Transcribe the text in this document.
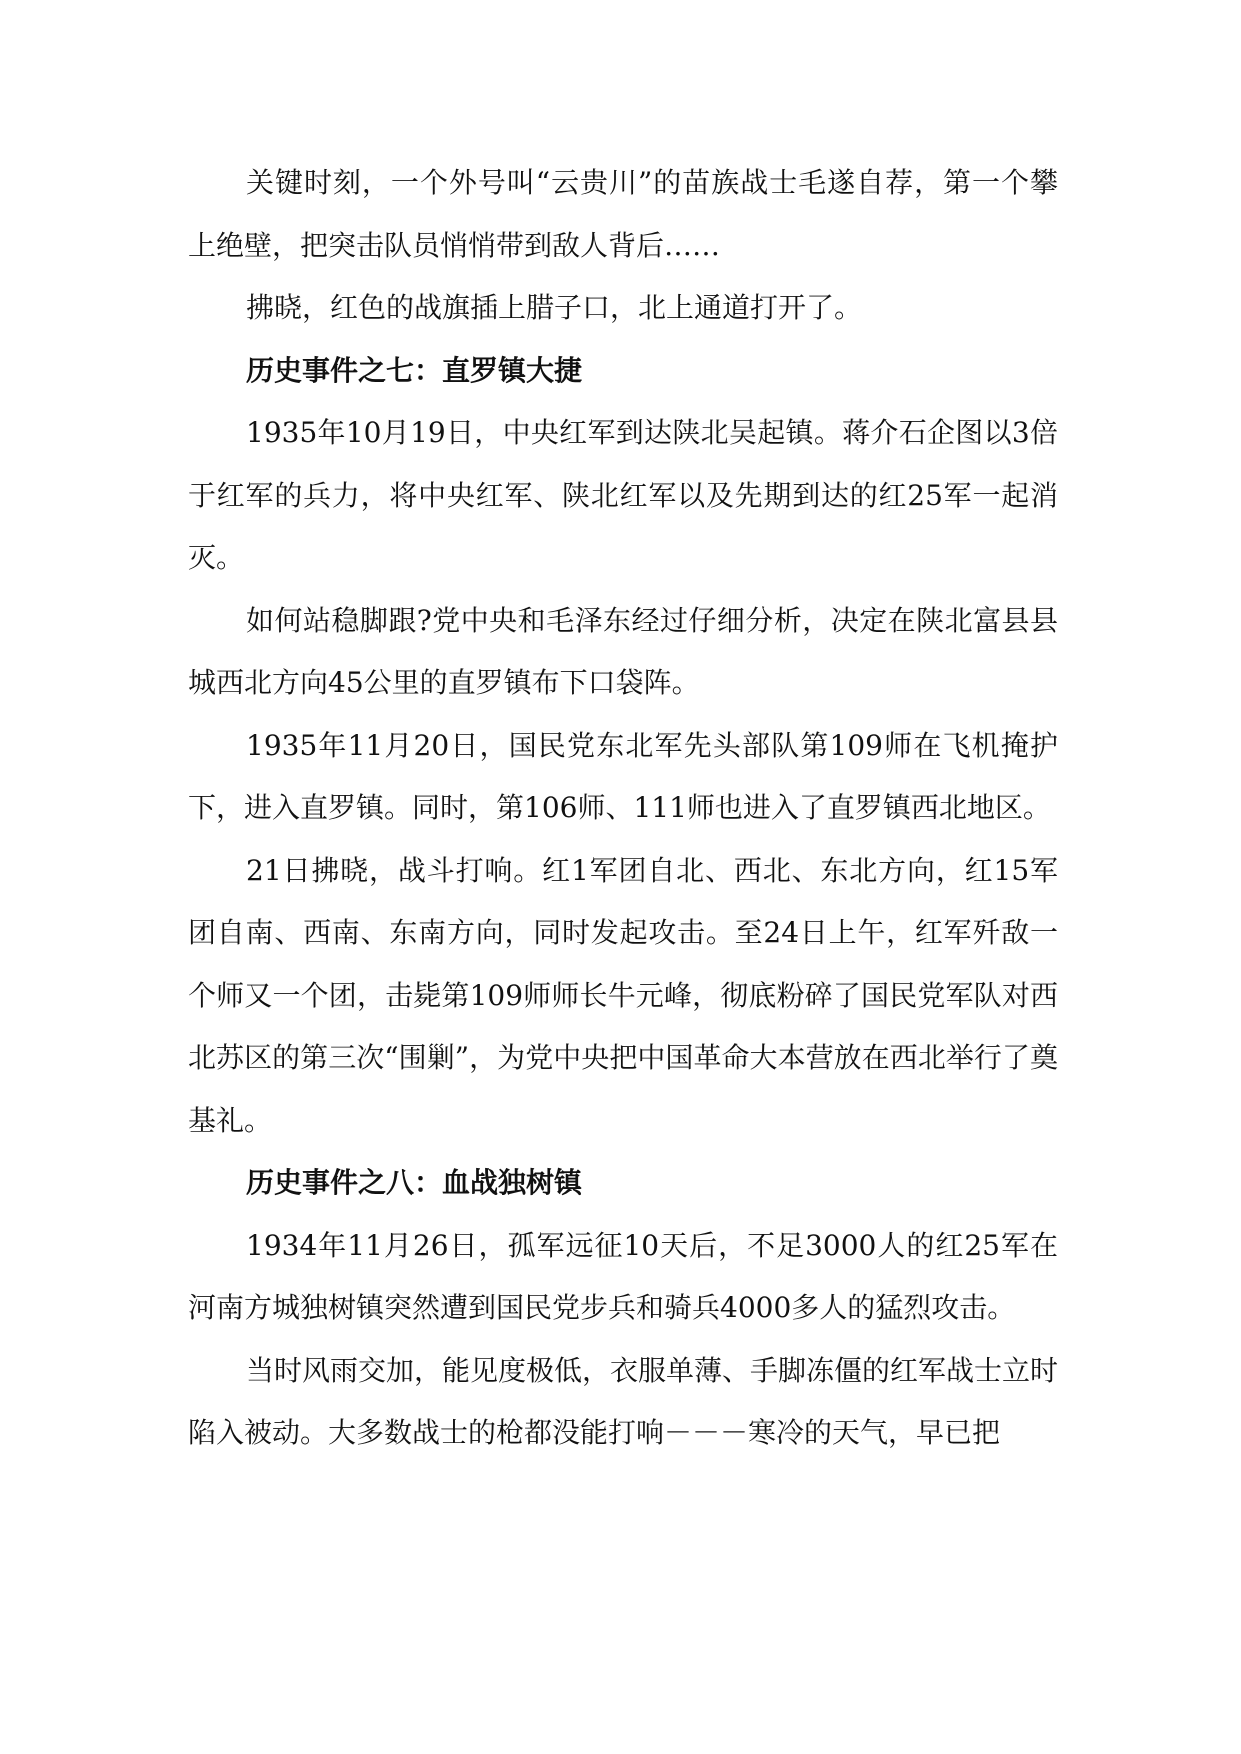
关键时刻，一个外号叫“云贵川”的苗族战士毛遂自荐，第一个攀上绝壁，把突击队员悄悄带到敌人背后……

拂晓，红色的战旗插上腊子口，北上通道打开了。

历史事件之七：直罗镇大捷

1935年10月19日，中央红军到达陕北吴起镇。蒋介石企图以3倍于红军的兵力，将中央红军、陕北红军以及先期到达的红25军一起消灭。

如何站稳脚跟?党中央和毛泽东经过仔细分析，决定在陕北富县县城西北方向45公里的直罗镇布下口袋阵。

1935年11月20日，国民党东北军先头部队第109师在飞机掩护下，进入直罗镇。同时，第106师、111师也进入了直罗镇西北地区。

21日拂晓，战斗打响。红1军团自北、西北、东北方向，红15军团自南、西南、东南方向，同时发起攻击。至24日上午，红军歼敌一个师又一个团，击毙第109师师长牛元峰，彻底粉碎了国民党军队对西北苏区的第三次“围剿”，为党中央把中国革命大本营放在西北举行了奠基礼。

历史事件之八：血战独树镇

1934年11月26日，孤军远征10天后，不足3000人的红25军在河南方城独树镇突然遭到国民党步兵和骑兵4000多人的猛烈攻击。

当时风雨交加，能见度极低，衣服单薄、手脚冻僵的红军战士立时陷入被动。大多数战士的枪都没能打响－－－寒冷的天气，早已把
